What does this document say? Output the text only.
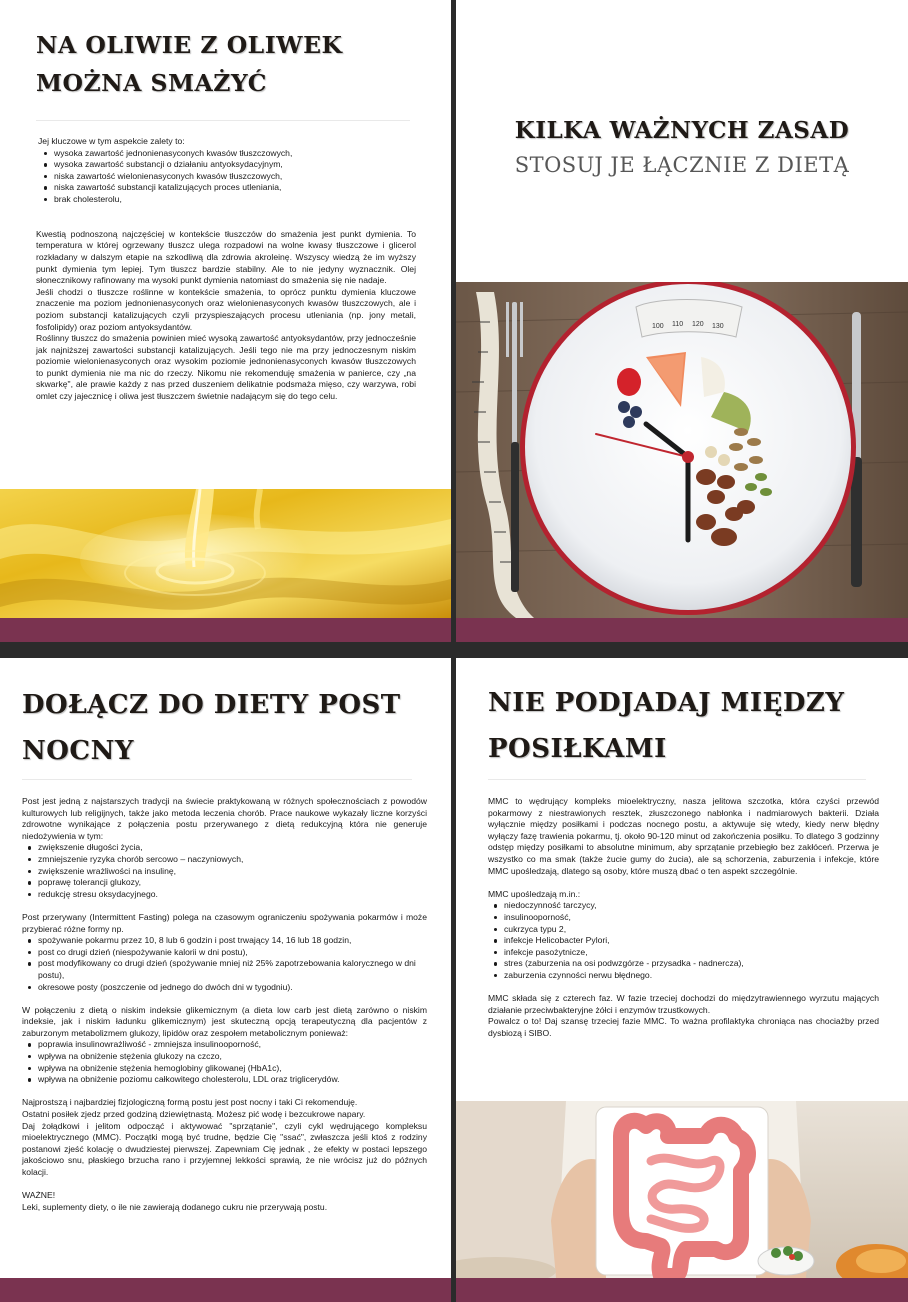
NA OLIWIE Z OLIWEK
MOŻNA SMAŻYĆ

Jej kluczowe w tym aspekcie zalety to:

wysoka zawartość jednonienasyconych kwasów tłuszczowych,
wysoka zawartość substancji o działaniu antyoksydacyjnym,
niska zawartość wielonienasyconych kwasów tłuszczowych,
niska zawartość substancji katalizujących proces utleniania,
brak cholesterolu,

Kwestią podnoszoną najczęściej w kontekście tłuszczów do smażenia jest punkt dymienia. To temperatura w której ogrzewany tłuszcz ulega rozpadowi na wolne kwasy tłuszczowe i glicerol rozkładany w dalszym etapie na szkodliwą dla zdrowia akroleinę. Wszyscy wiedzą że im wyższy punkt dymienia tym lepiej. Tym tłuszcz bardzie stabilny. Ale to nie jedyny wyznacznik. Olej słonecznikowy rafinowany ma wysoki punkt dymienia natomiast do smażenia się nie nadaje.

Jeśli chodzi o tłuszcze roślinne w kontekście smażenia, to oprócz punktu dymienia kluczowe znaczenie ma poziom jednonienasyconych oraz wielonienasyconych kwasów tłuszczowych, ale i poziom substancji katalizujących czyli przyspieszających procesu utleniania (np. jony metali, fosfolipidy) oraz poziom antyoksydantów.

Roślinny tłuszcz do smażenia powinien mieć wysoką zawartość antyoksydantów, przy jednocześnie jak najniższej zawartości substancji katalizujących. Jeśli tego nie ma przy jednoczesnym niskim poziomie wielonienasyconych oraz wysokim poziomie jednonienasyconych kwasów tłuszczowych to punkt dymienia nie ma nic do rzeczy. Nikomu nie rekomenduję smażenia w panierce, czy „na skwarkę", ale prawie każdy z nas przed duszeniem delikatnie podsmaża mięso, czy warzywa, robi omlet czy jajecznicę i oliwa jest tłuszczem świetnie nadającym się do tego celu.

KILKA WAŻNYCH ZASAD
STOSUJ JE ŁĄCZNIE Z DIETĄ
100 110 120 130
DOŁĄCZ DO DIETY POST
NOCNY

Post jest jedną z najstarszych tradycji na świecie praktykowaną w różnych społecznościach z powodów kulturowych lub religijnych, także jako metoda leczenia chorób. Prace naukowe wykazały liczne korzyści zdrowotne wynikające z połączenia postu przerywanego z dietą redukcyjną która nie generuje niedożywienia w tym:

zwiększenie długości życia,
zmniejszenie ryzyka chorób sercowo – naczyniowych,
zwiększenie wrażliwości na insulinę,
poprawę tolerancji glukozy,
redukcję stresu oksydacyjnego.

Post przerywany (Intermittent Fasting) polega na czasowym ograniczeniu spożywania pokarmów i może przybierać różne formy np.

spożywanie pokarmu przez 10, 8 lub 6 godzin i post trwający 14, 16 lub 18 godzin,
post co drugi dzień (niespożywanie kalorii w dni postu),
post modyfikowany co drugi dzień (spożywanie mniej niż 25% zapotrzebowania kalorycznego w dni postu),
okresowe posty (poszczenie od jednego do dwóch dni w tygodniu).

W połączeniu z dietą o niskim indeksie glikemicznym (a dieta low carb jest dietą zarówno o niskim indeksie, jak i niskim ładunku glikemicznym) jest skuteczną opcją terapeutyczną dla pacjentów z zaburzonym metabolizmem glukozy, lipidów oraz zespołem metabolicznym ponieważ:

poprawia insulinowrażliwość - zmniejsza insulinooporność,
wpływa na obniżenie stężenia glukozy na czczo,
wpływa na obniżenie stężenia hemoglobiny glikowanej (HbA1c),
wpływa na obniżenie poziomu całkowitego cholesterolu, LDL oraz triglicerydów.

Najprostszą i najbardziej fizjologiczną formą postu jest post nocny i taki Ci rekomenduję.

Ostatni posiłek zjedz przed godziną dziewiętnastą. Możesz pić wodę i bezcukrowe napary.

Daj żołądkowi i jelitom odpocząć i aktywować "sprzątanie", czyli cykl wędrującego kompleksu mioelektrycznego (MMC). Początki mogą być trudne, będzie Cię "ssać", zwłaszcza jeśli ktoś z rodziny postanowi zjeść kolację o dwudziestej pierwszej. Zapewniam Cię jednak , że efekty w postaci lepszego jakościowo snu, płaskiego brzucha rano i przyjemnej lekkości sprawią, że nie wrócisz już do późnych kolacji.

WAŻNE!

Leki, suplementy diety, o ile nie zawierają dodanego cukru nie przerywają postu.

NIE PODJADAJ MIĘDZY
POSIŁKAMI

MMC to wędrujący kompleks mioelektryczny, nasza jelitowa szczotka, która czyści przewód pokarmowy z niestrawionych resztek, złuszczonego nabłonka i nadmiarowych bakterii. Działa wyłącznie między posiłkami i podczas nocnego postu, a aktywuje się wtedy, kiedy nerw błędny wyłączy fazę trawienia pokarmu, tj. około 90-120 minut od zakończenia posiłku. To dlatego 3 godzinny odstęp między posiłkami to absolutne minimum, aby sprzątanie przebiegło bez zakłóceń. Przerwa je wszystko co ma smak (także żucie gumy do żucia), ale są schorzenia, zaburzenia i infekcje, które MMC upośledzają, dlatego są osoby, które muszą dbać o ten aspekt szczególnie.

MMC upośledzają m.in.:

niedoczynność tarczycy,
insulinooporność,
cukrzyca typu 2,
infekcje Helicobacter Pylori,
infekcje pasożytnicze,
stres (zaburzenia na osi podwzgórze - przysadka - nadnercza),
zaburzenia czynności nerwu błędnego.

MMC składa się z czterech faz. W fazie trzeciej dochodzi do międzytrawiennego wyrzutu mających działanie przeciwbakteryjne żółci i enzymów trzustkowych.

Powalcz o to! Daj szansę trzeciej fazie MMC. To ważna profilaktyka chroniąca nas chociażby przed dysbiozą i SIBO.
